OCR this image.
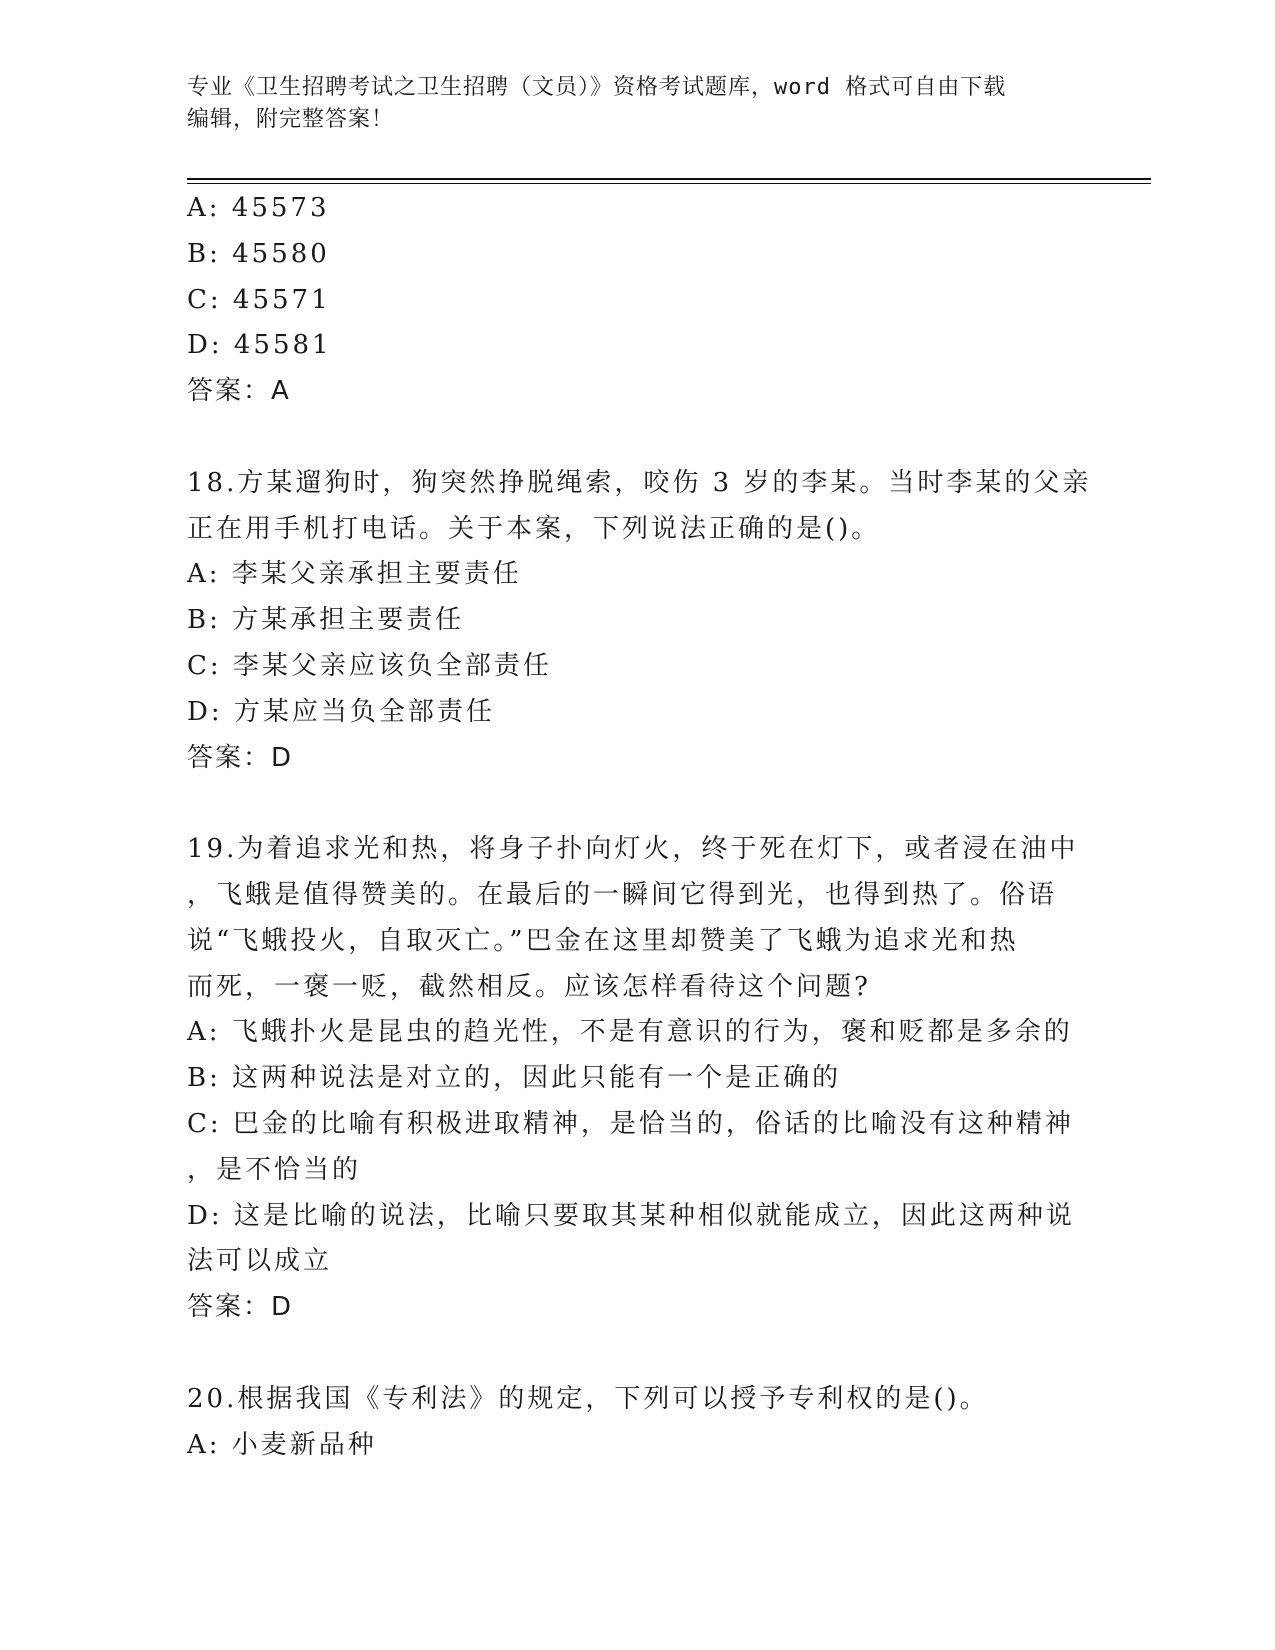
专业《卫生招聘考试之卫生招聘（文员）》资格考试题库，word 格式可自由下载
编辑，附完整答案！
A: 45573
B: 45580
C: 45571
D: 45581
答案：A
18.方某遛狗时，狗突然挣脱绳索，咬伤 3 岁的李某。当时李某的父亲
正在用手机打电话。关于本案，下列说法正确的是()。
A: 李某父亲承担主要责任
B: 方某承担主要责任
C: 李某父亲应该负全部责任
D: 方某应当负全部责任
答案：D
19.为着追求光和热，将身子扑向灯火，终于死在灯下，或者浸在油中
，飞蛾是值得赞美的。在最后的一瞬间它得到光，也得到热了。俗语
说“飞蛾投火，自取灭亡。”巴金在这里却赞美了飞蛾为追求光和热
而死，一褒一贬，截然相反。应该怎样看待这个问题?
A: 飞蛾扑火是昆虫的趋光性，不是有意识的行为，褒和贬都是多余的
B: 这两种说法是对立的，因此只能有一个是正确的
C: 巴金的比喻有积极进取精神，是恰当的，俗话的比喻没有这种精神
，是不恰当的
D: 这是比喻的说法，比喻只要取其某种相似就能成立，因此这两种说
法可以成立
答案：D
20.根据我国《专利法》的规定，下列可以授予专利权的是()。
A: 小麦新品种
